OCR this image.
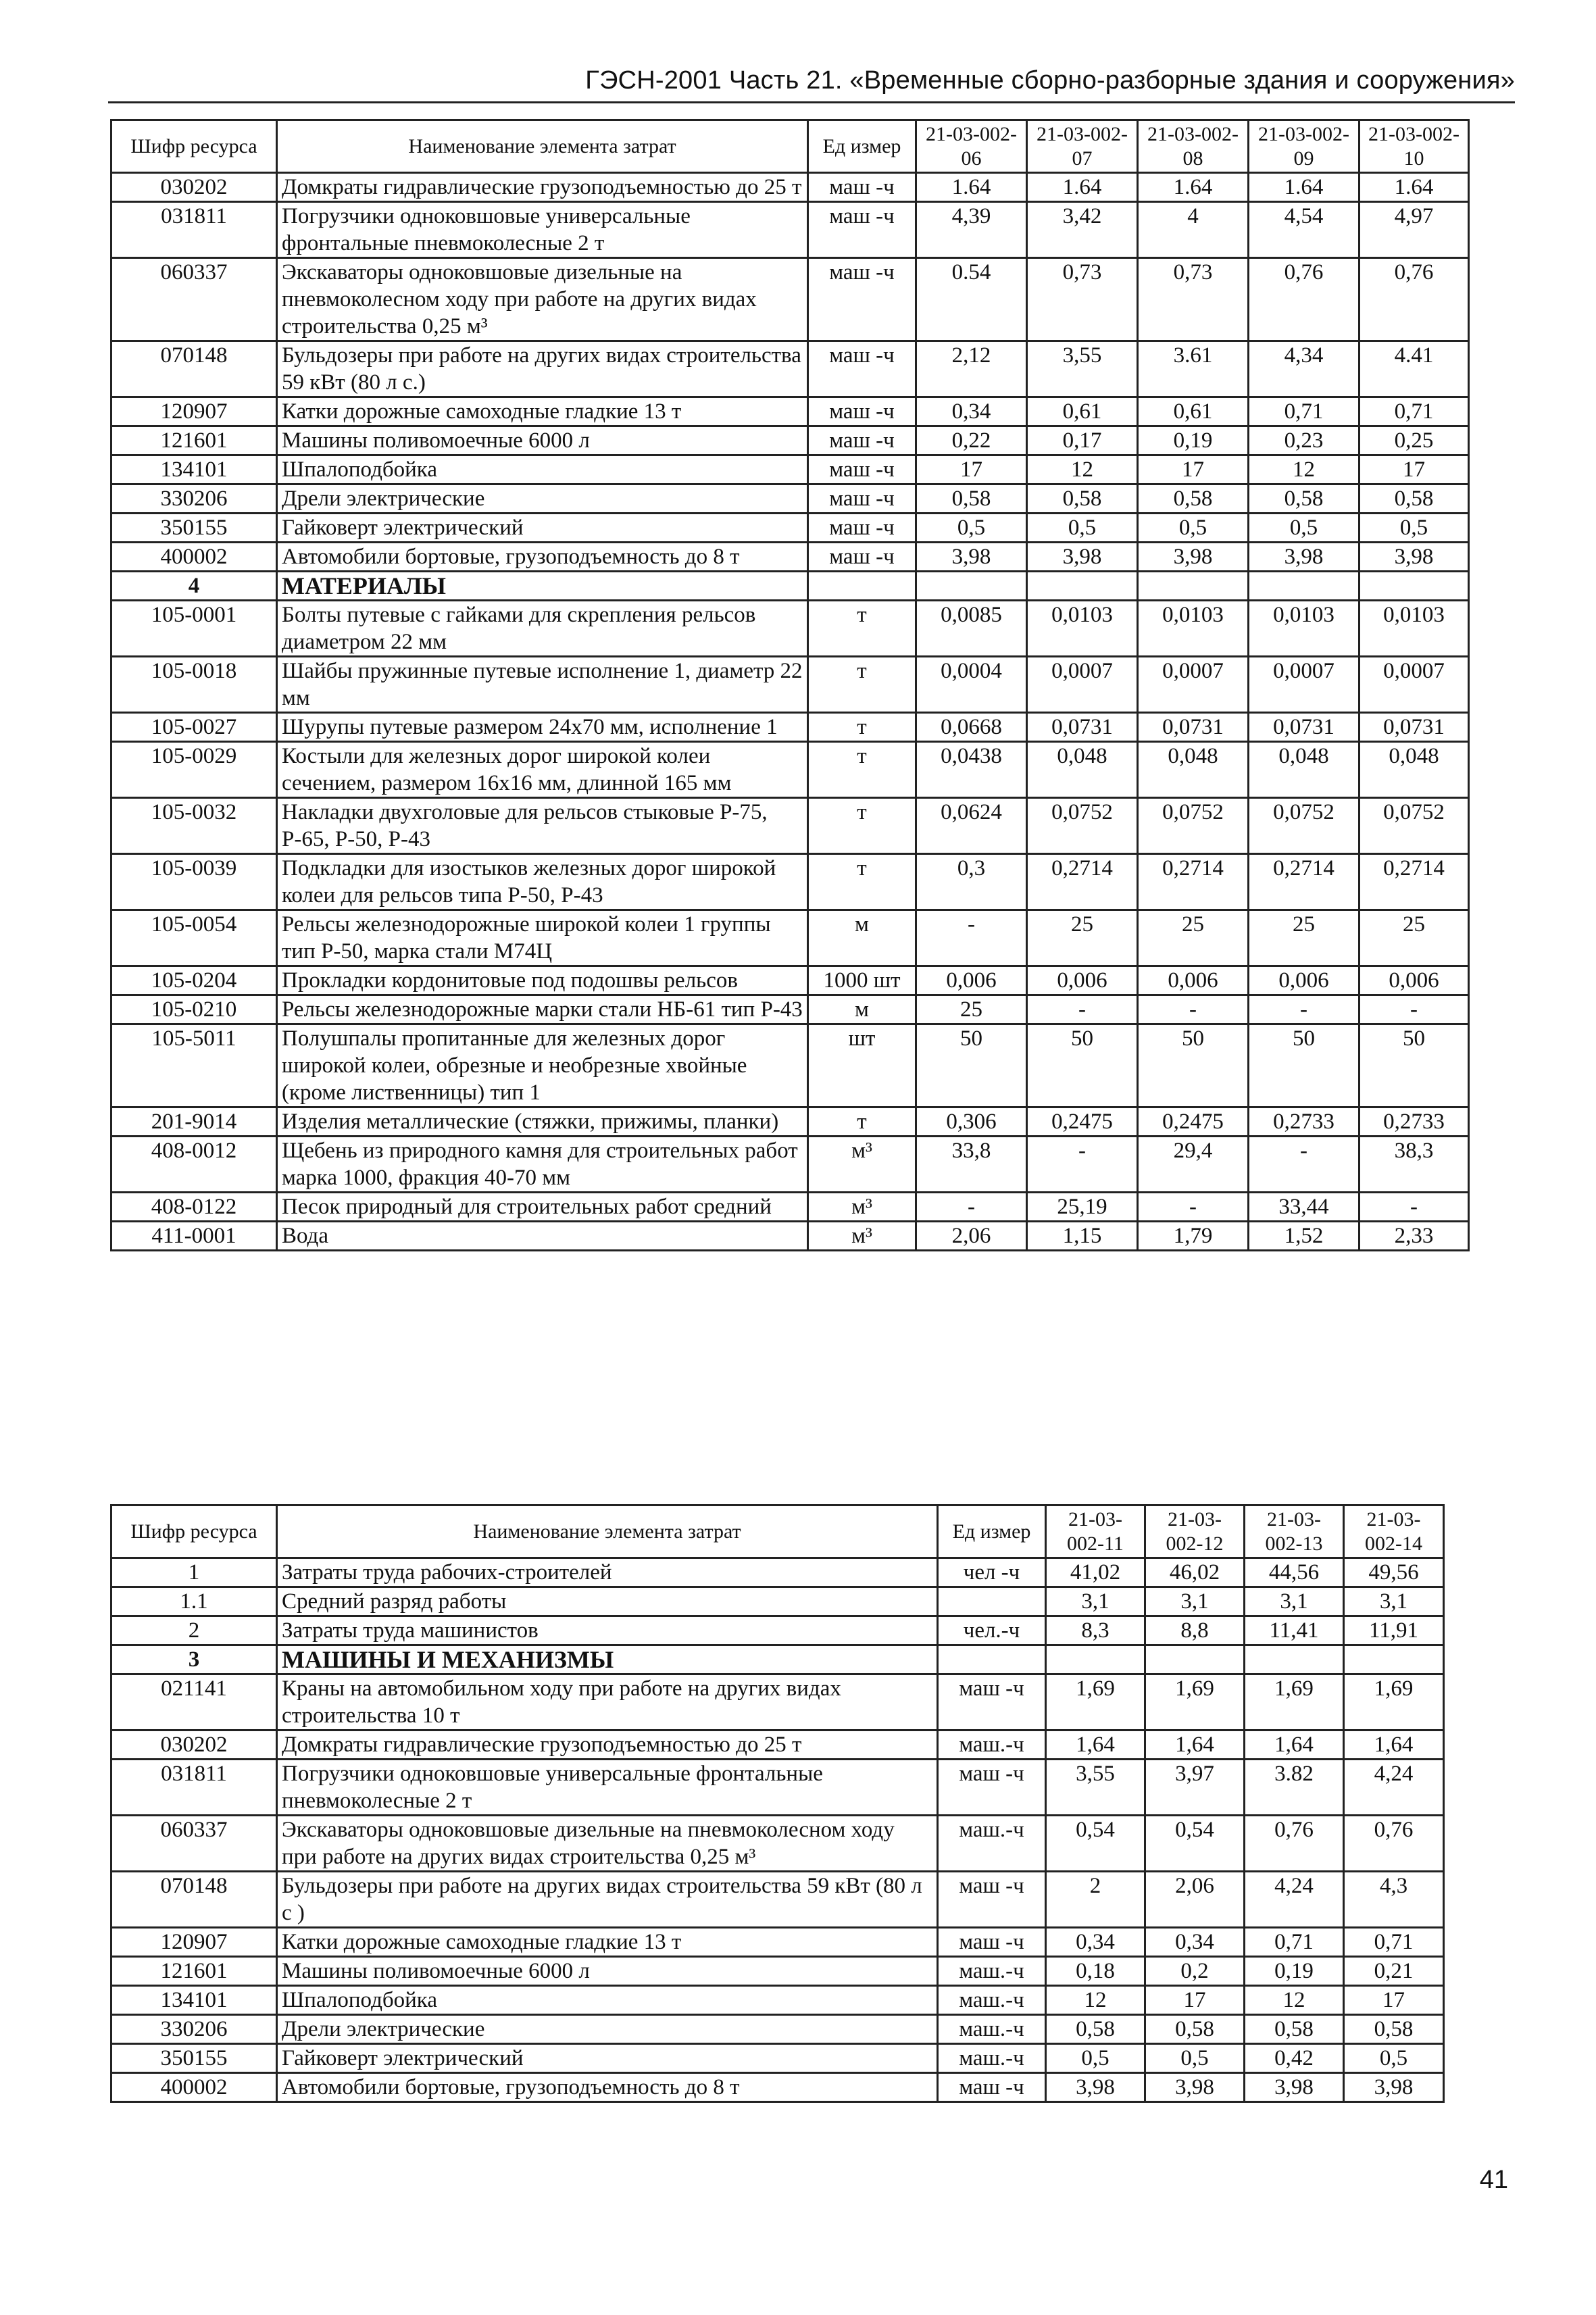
ГЭСН-2001 Часть 21. «Временные сборно-разборные здания и сооружения»
Шифр ресурса	Наименование элемента затрат	Ед измер	21-03-002-06	21-03-002-07	21-03-002-08	21-03-002-09	21-03-002-10
030202	Домкраты гидравлические грузоподъемностью до 25 т	маш -ч	1.64	1.64	1.64	1.64	1.64
031811	Погрузчики одноковшовые универсальные фронтальные пневмоколесные 2 т	маш -ч	4,39	3,42	4	4,54	4,97
060337	Экскаваторы одноковшовые дизельные на пневмоколесном ходу при работе на других видах строительства 0,25 м³	маш -ч	0.54	0,73	0,73	0,76	0,76
070148	Бульдозеры при работе на других видах строительства 59 кВт (80 л с.)	маш -ч	2,12	3,55	3.61	4,34	4.41
120907	Катки дорожные самоходные гладкие 13 т	маш -ч	0,34	0,61	0,61	0,71	0,71
121601	Машины поливомоечные 6000 л	маш -ч	0,22	0,17	0,19	0,23	0,25
134101	Шпалоподбойка	маш -ч	17	12	17	12	17
330206	Дрели электрические	маш -ч	0,58	0,58	0,58	0,58	0,58
350155	Гайковерт электрический	маш -ч	0,5	0,5	0,5	0,5	0,5
400002	Автомобили бортовые, грузоподъемность до 8 т	маш -ч	3,98	3,98	3,98	3,98	3,98
4	МАТЕРИАЛЫ						
105-0001	Болты путевые с гайками для скрепления рельсов диаметром 22 мм	т	0,0085	0,0103	0,0103	0,0103	0,0103
105-0018	Шайбы пружинные путевые исполнение 1, диаметр 22 мм	т	0,0004	0,0007	0,0007	0,0007	0,0007
105-0027	Шурупы путевые размером 24х70 мм, исполнение 1	т	0,0668	0,0731	0,0731	0,0731	0,0731
105-0029	Костыли для железных дорог широкой колеи сечением, размером 16х16 мм, длинной 165 мм	т	0,0438	0,048	0,048	0,048	0,048
105-0032	Накладки двухголовые для рельсов стыковые Р-75, Р-65, Р-50, Р-43	т	0,0624	0,0752	0,0752	0,0752	0,0752
105-0039	Подкладки для изостыков железных дорог широкой колеи для рельсов типа Р-50, Р-43	т	0,3	0,2714	0,2714	0,2714	0,2714
105-0054	Рельсы железнодорожные широкой колеи 1 группы тип Р-50, марка стали М74Ц	м	-	25	25	25	25
105-0204	Прокладки кордонитовые под подошвы рельсов	1000 шт	0,006	0,006	0,006	0,006	0,006
105-0210	Рельсы железнодорожные марки стали НБ-61 тип Р-43	м	25	-	-	-	-
105-5011	Полушпалы пропитанные для железных дорог широкой колеи, обрезные и необрезные хвойные (кроме лиственницы) тип 1	шт	50	50	50	50	50
201-9014	Изделия металлические (стяжки, прижимы, планки)	т	0,306	0,2475	0,2475	0,2733	0,2733
408-0012	Щебень из природного камня для строительных работ марка 1000, фракция 40-70 мм	м³	33,8	-	29,4	-	38,3
408-0122	Песок природный для строительных работ средний	м³	-	25,19	-	33,44	-
411-0001	Вода	м³	2,06	1,15	1,79	1,52	2,33
Шифр ресурса	Наименование элемента затрат	Ед измер	21-03-002-11	21-03-002-12	21-03-002-13	21-03-002-14
1	Затраты труда рабочих-строителей	чел -ч	41,02	46,02	44,56	49,56
1.1	Средний разряд работы		3,1	3,1	3,1	3,1
2	Затраты труда машинистов	чел.-ч	8,3	8,8	11,41	11,91
3	МАШИНЫ И МЕХАНИЗМЫ					
021141	Краны на автомобильном ходу при работе на других видах строительства 10 т	маш -ч	1,69	1,69	1,69	1,69
030202	Домкраты гидравлические грузоподъемностью до 25 т	маш.-ч	1,64	1,64	1,64	1,64
031811	Погрузчики одноковшовые универсальные фронтальные пневмоколесные 2 т	маш -ч	3,55	3,97	3.82	4,24
060337	Экскаваторы одноковшовые дизельные на пневмоколесном ходу при работе на других видах строительства 0,25 м³	маш.-ч	0,54	0,54	0,76	0,76
070148	Бульдозеры при работе на других видах строительства 59 кВт (80 л с )	маш -ч	2	2,06	4,24	4,3
120907	Катки дорожные самоходные гладкие 13 т	маш -ч	0,34	0,34	0,71	0,71
121601	Машины поливомоечные 6000 л	маш.-ч	0,18	0,2	0,19	0,21
134101	Шпалоподбойка	маш.-ч	12	17	12	17
330206	Дрели электрические	маш.-ч	0,58	0,58	0,58	0,58
350155	Гайковерт электрический	маш.-ч	0,5	0,5	0,42	0,5
400002	Автомобили бортовые, грузоподъемность до 8 т	маш -ч	3,98	3,98	3,98	3,98
41
